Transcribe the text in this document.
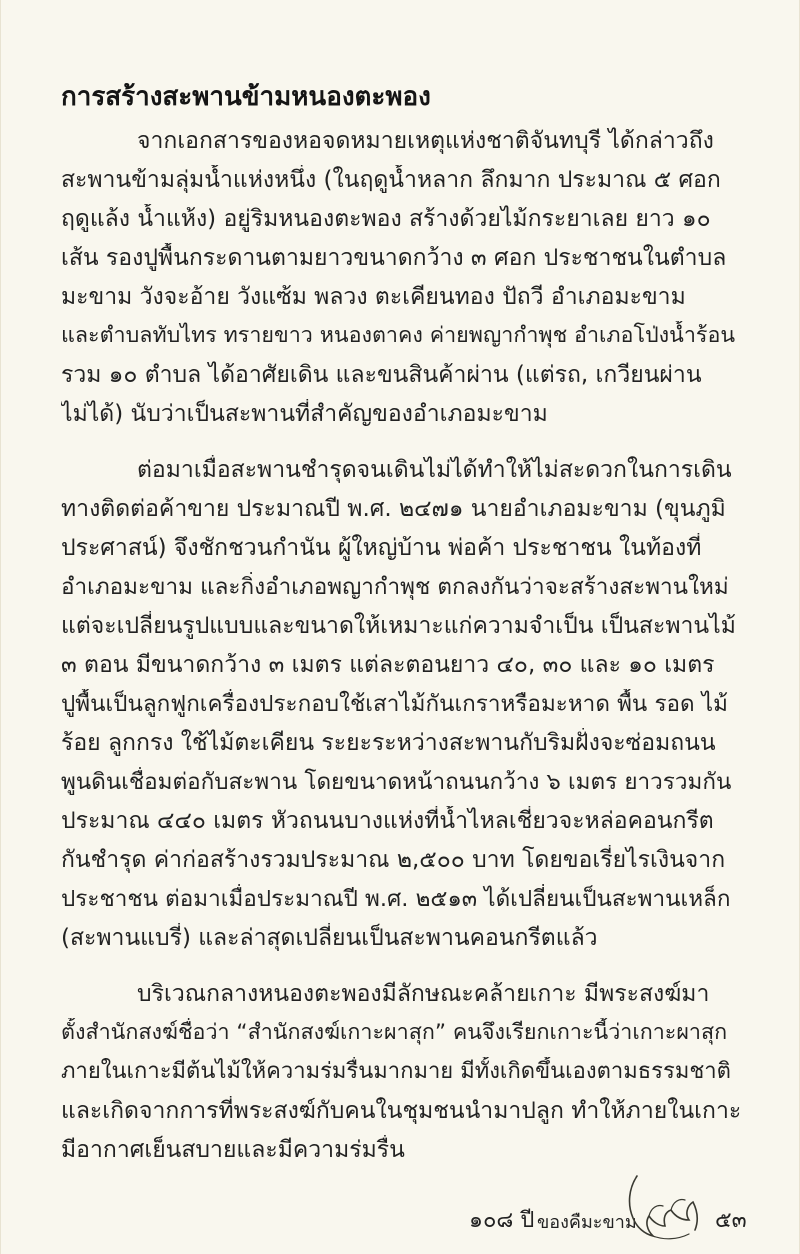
การสร้างสะพานข้ามหนองตะพอง

จากเอกสารของหอจดหมายเหตุแห่งชาติจันทบุรี ได้กล่าวถึง

สะพานข้ามลุ่มน้ำแห่งหนึ่ง (ในฤดูน้ำหลาก ลึกมาก ประมาณ ๕ ศอก

ฤดูแล้ง น้ำแห้ง) อยู่ริมหนองตะพอง สร้างด้วยไม้กระยาเลย ยาว ๑๐

เส้น รองปูพื้นกระดานตามยาวขนาดกว้าง ๓ ศอก ประชาชนในตำบล

มะขาม วังจะอ้าย วังแซ้ม พลวง ตะเคียนทอง ปัถวี อำเภอมะขาม

และตำบลทับไทร ทรายขาว หนองตาคง ค่ายพญากำพุช อำเภอโป่งน้ำร้อน

รวม ๑๐ ตำบล ได้อาศัยเดิน และขนสินค้าผ่าน (แต่รถ, เกวียนผ่าน

ไม่ได้) นับว่าเป็นสะพานที่สำคัญของอำเภอมะขาม

ต่อมาเมื่อสะพานชำรุดจนเดินไม่ได้ทำให้ไม่สะดวกในการเดิน

ทางติดต่อค้าขาย ประมาณปี พ.ศ. ๒๔๗๑ นายอำเภอมะขาม (ขุนภูมิ

ประศาสน์) จึงชักชวนกำนัน ผู้ใหญ่บ้าน พ่อค้า ประชาชน ในท้องที่

อำเภอมะขาม และกิ่งอำเภอพญากำพุช ตกลงกันว่าจะสร้างสะพานใหม่

แต่จะเปลี่ยนรูปแบบและขนาดให้เหมาะแก่ความจำเป็น เป็นสะพานไม้

๓ ตอน มีขนาดกว้าง ๓ เมตร แต่ละตอนยาว ๔๐, ๓๐ และ ๑๐ เมตร

ปูพื้นเป็นลูกฟูกเครื่องประกอบใช้เสาไม้กันเกราหรือมะหาด พื้น รอด ไม้

ร้อย ลูกกรง ใช้ไม้ตะเคียน ระยะระหว่างสะพานกับริมฝั่งจะซ่อมถนน

พูนดินเชื่อมต่อกับสะพาน โดยขนาดหน้าถนนกว้าง ๖ เมตร ยาวรวมกัน

ประมาณ ๔๔๐ เมตร หัวถนนบางแห่งที่น้ำไหลเชี่ยวจะหล่อคอนกรีต

กันชำรุด ค่าก่อสร้างรวมประมาณ ๒,๕๐๐ บาท โดยขอเรี่ยไรเงินจาก

ประชาชน ต่อมาเมื่อประมาณปี พ.ศ. ๒๕๑๓ ได้เปลี่ยนเป็นสะพานเหล็ก

(สะพานแบรี่) และล่าสุดเปลี่ยนเป็นสะพานคอนกรีตแล้ว

บริเวณกลางหนองตะพองมีลักษณะคล้ายเกาะ มีพระสงฆ์มา

ตั้งสำนักสงฆ์ชื่อว่า “สำนักสงฆ์เกาะผาสุก” คนจึงเรียกเกาะนี้ว่าเกาะผาสุก

ภายในเกาะมีต้นไม้ให้ความร่มรื่นมากมาย มีทั้งเกิดขึ้นเองตามธรรมชาติ

และเกิดจากการที่พระสงฆ์กับคนในชุมชนนำมาปลูก ทำให้ภายในเกาะ

มีอากาศเย็นสบายและมีความร่มรื่น

๑๐๘ ปี ของคืมะขาม	๕๓
